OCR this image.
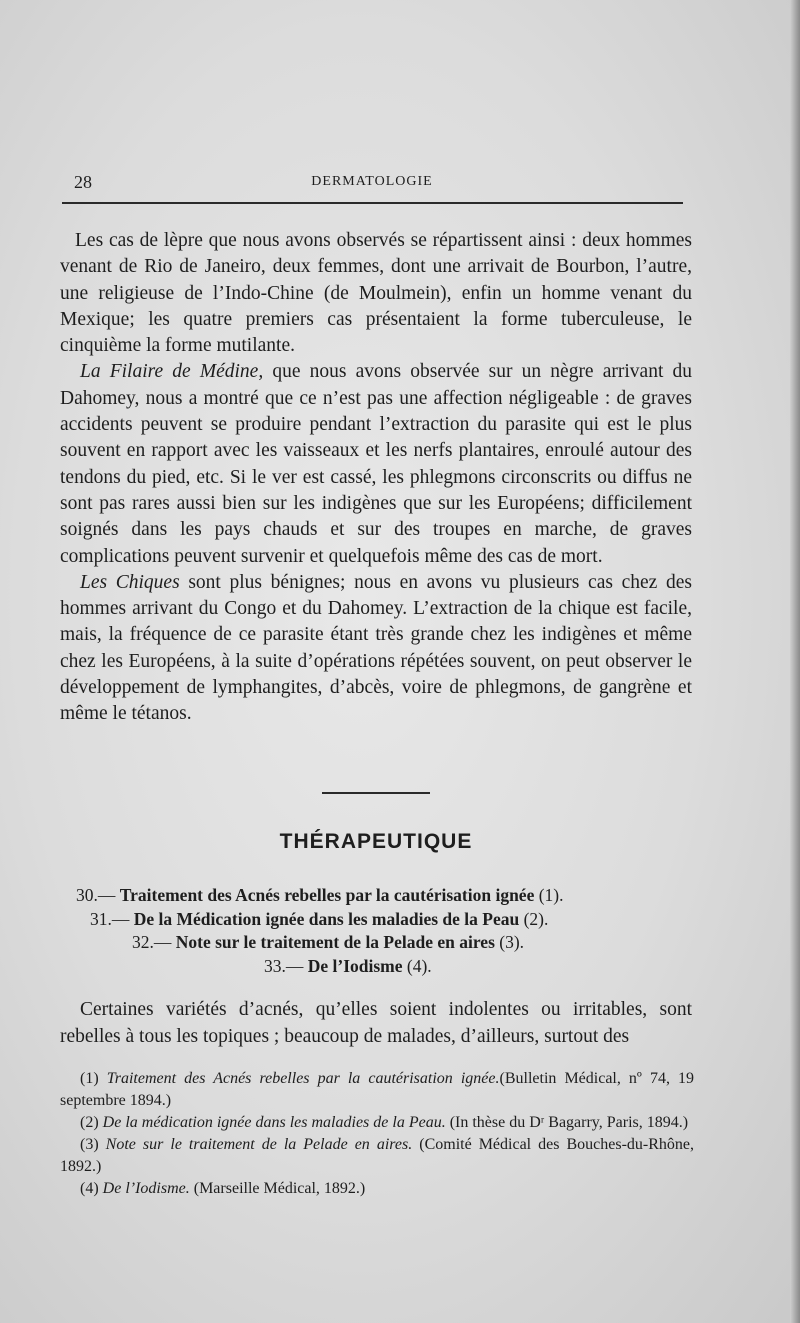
28	DERMATOLOGIE

Les cas de lèpre que nous avons observés se répartissent ainsi : deux hommes venant de Rio de Janeiro, deux femmes, dont une arrivait de Bourbon, l’autre, une religieuse de l’Indo-Chine (de Moulmein), enfin un homme venant du Mexique; les quatre premiers cas présentaient la forme tuberculeuse, le cinquième la forme mutilante.

La Filaire de Médine, que nous avons observée sur un nègre arrivant du Dahomey, nous a montré que ce n’est pas une affection négligeable : de graves accidents peuvent se produire pendant l’extraction du parasite qui est le plus souvent en rapport avec les vaisseaux et les nerfs plantaires, enroulé autour des tendons du pied, etc. Si le ver est cassé, les phlegmons circonscrits ou diffus ne sont pas rares aussi bien sur les indigènes que sur les Européens; difficilement soignés dans les pays chauds et sur des troupes en marche, de graves complications peuvent survenir et quelquefois même des cas de mort.

Les Chiques sont plus bénignes; nous en avons vu plusieurs cas chez des hommes arrivant du Congo et du Dahomey. L’extraction de la chique est facile, mais, la fréquence de ce parasite étant très grande chez les indigènes et même chez les Européens, à la suite d’opérations répétées souvent, on peut observer le développement de lymphangites, d’abcès, voire de phlegmons, de gangrène et même le tétanos.

THÉRAPEUTIQUE
30.— Traitement des Acnés rebelles par la cautérisation ignée (1).
31.— De la Médication ignée dans les maladies de la Peau (2).
32.— Note sur le traitement de la Pelade en aires (3).
33.— De l’Iodisme (4).

Certaines variétés d’acnés, qu’elles soient indolentes ou irritables, sont rebelles à tous les topiques ; beaucoup de malades, d’ailleurs, surtout des

(1) Traitement des Acnés rebelles par la cautérisation ignée.(Bulletin Médical, nº 74, 19 septembre 1894.)

(2) De la médication ignée dans les maladies de la Peau. (In thèse du Dʳ Bagarry, Paris, 1894.)

(3) Note sur le traitement de la Pelade en aires. (Comité Médical des Bouches-du-Rhône, 1892.)

(4) De l’Iodisme. (Marseille Médical, 1892.)
